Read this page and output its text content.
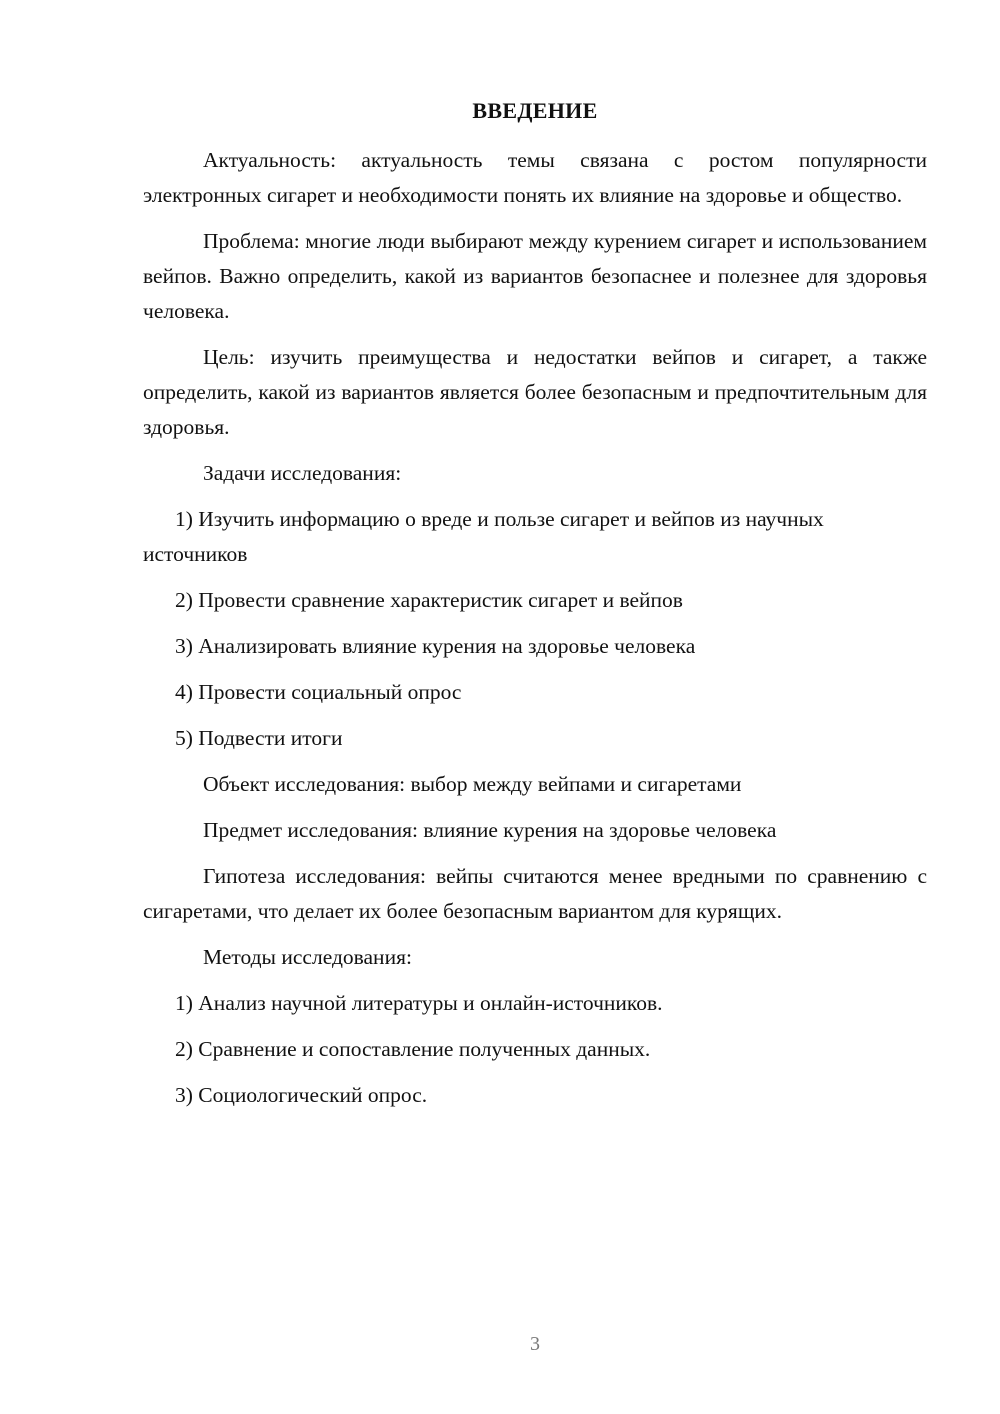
ВВЕДЕНИЕ

Актуальность: актуальность темы связана с ростом популярности электронных сигарет и необходимости понять их влияние на здоровье и общество.

Проблема: многие люди выбирают между курением сигарет и использованием вейпов. Важно определить, какой из вариантов безопаснее и полезнее для здоровья человека.

Цель: изучить преимущества и недостатки вейпов и сигарет, а также определить, какой из вариантов является более безопасным и предпочтительным для здоровья.

Задачи исследования:

1) Изучить информацию о вреде и пользе сигарет и вейпов из научных источников

2) Провести сравнение характеристик сигарет и вейпов

3) Анализировать влияние курения на здоровье человека

4) Провести социальный опрос

5) Подвести итоги

Объект исследования: выбор между вейпами и сигаретами

Предмет исследования: влияние курения на здоровье человека

Гипотеза исследования: вейпы считаются менее вредными по сравнению с сигаретами, что делает их более безопасным вариантом для курящих.

Методы исследования:

1) Анализ научной литературы и онлайн-источников.

2) Сравнение и сопоставление полученных данных.

3) Социологический опрос.

3
